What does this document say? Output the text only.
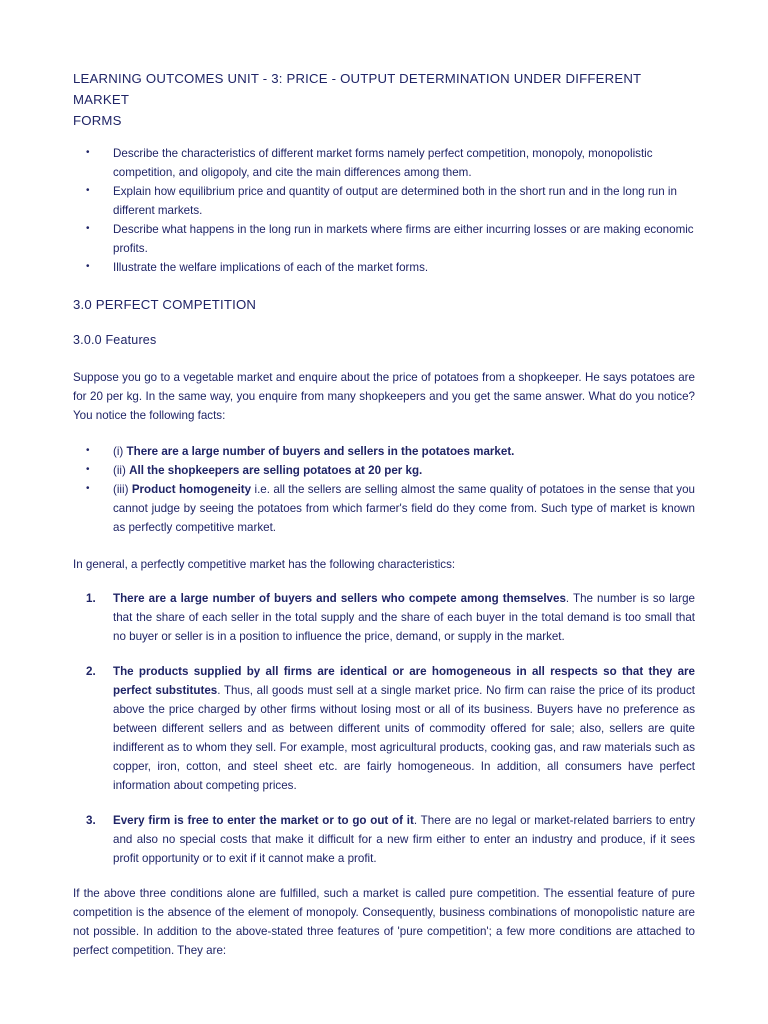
LEARNING OUTCOMES UNIT - 3: PRICE - OUTPUT DETERMINATION UNDER DIFFERENT MARKET
FORMS
• Describe the characteristics of different market forms namely perfect competition, monopoly, monopolistic competition, and oligopoly, and cite the main differences among them.
• Explain how equilibrium price and quantity of output are determined both in the short run and in the long run in different markets.
• Describe what happens in the long run in markets where firms are either incurring losses or are making economic profits.
• Illustrate the welfare implications of each of the market forms.
3.0 PERFECT COMPETITION
3.0.0 Features

Suppose you go to a vegetable market and enquire about the price of potatoes from a shopkeeper. He says potatoes are for 20 per kg. In the same way, you enquire from many shopkeepers and you get the same answer. What do you notice? You notice the following facts:

• (i) There are a large number of buyers and sellers in the potatoes market.
• (ii) All the shopkeepers are selling potatoes at 20 per kg.
• (iii) Product homogeneity i.e. all the sellers are selling almost the same quality of potatoes in the sense that you cannot judge by seeing the potatoes from which farmer's field do they come from. Such type of market is known as perfectly competitive market.

In general, a perfectly competitive market has the following characteristics:

1. There are a large number of buyers and sellers who compete among themselves. The number is so large that the share of each seller in the total supply and the share of each buyer in the total demand is too small that no buyer or seller is in a position to influence the price, demand, or supply in the market.
2. The products supplied by all firms are identical or are homogeneous in all respects so that they are perfect substitutes. Thus, all goods must sell at a single market price. No firm can raise the price of its product above the price charged by other firms without losing most or all of its business. Buyers have no preference as between different sellers and as between different units of commodity offered for sale; also, sellers are quite indifferent as to whom they sell. For example, most agricultural products, cooking gas, and raw materials such as copper, iron, cotton, and steel sheet etc. are fairly homogeneous. In addition, all consumers have perfect information about competing prices.
3. Every firm is free to enter the market or to go out of it. There are no legal or market-related barriers to entry and also no special costs that make it difficult for a new firm either to enter an industry and produce, if it sees profit opportunity or to exit if it cannot make a profit.

If the above three conditions alone are fulfilled, such a market is called pure competition. The essential feature of pure competition is the absence of the element of monopoly. Consequently, business combinations of monopolistic nature are not possible. In addition to the above-stated three features of 'pure competition'; a few more conditions are attached to perfect competition. They are:
